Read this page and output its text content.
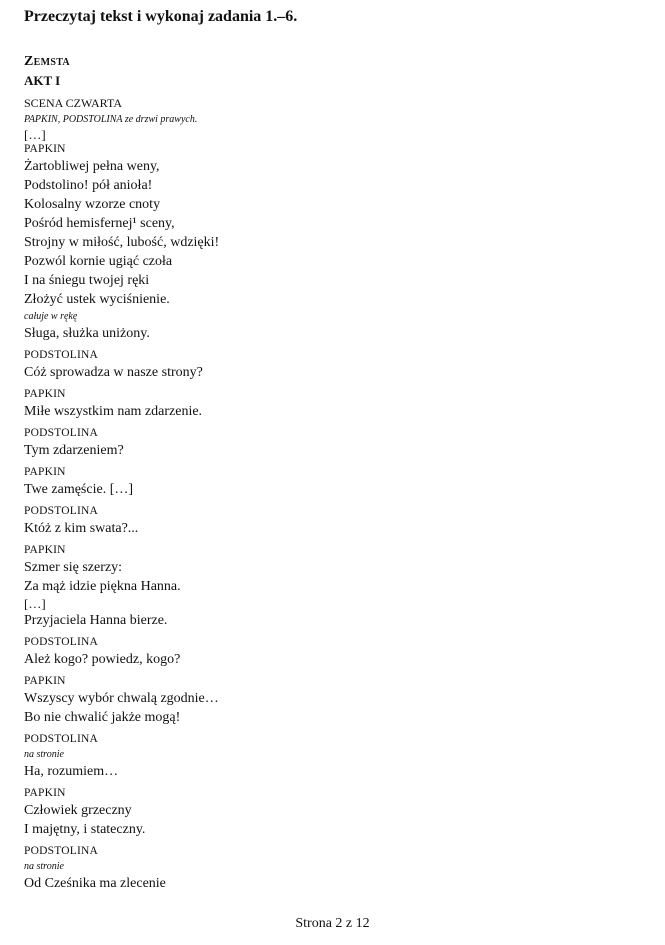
Przeczytaj tekst i wykonaj zadania 1.–6.
Zemsta
AKT I
SCENA CZWARTA
PAPKIN, PODSTOLINA ze drzwi prawych.
[…]
PAPKIN
Żartobliwej pełna weny,
Podstolino! pół anioła!
Kolosalny wzorze cnoty
Pośród hemisfernej¹ sceny,
Strojny w miłość, lubość, wdzięki!
Pozwól kornie ugiąć czoła
I na śniegu twojej ręki
Złożyć ustek wyciśnienie.
całuje w rękę
Sługa, służka uniżony.
PODSTOLINA
Cóż sprowadza w nasze strony?
PAPKIN
Miłe wszystkim nam zdarzenie.
PODSTOLINA
Tym zdarzeniem?
PAPKIN
Twe zamęście. […]
PODSTOLINA
Któż z kim swata?...
PAPKIN
Szmer się szerzy:
Za mąż idzie piękna Hanna.
[…]
Przyjaciela Hanna bierze.
PODSTOLINA
Ależ kogo? powiedz, kogo?
PAPKIN
Wszyscy wybór chwalą zgodnie…
Bo nie chwalić jakże mogą!
PODSTOLINA
na stronie
Ha, rozumiem…
PAPKIN
Człowiek grzeczny
I majętny, i stateczny.
PODSTOLINA
na stronie
Od Cześnika ma zlecenie
Strona 2 z 12
